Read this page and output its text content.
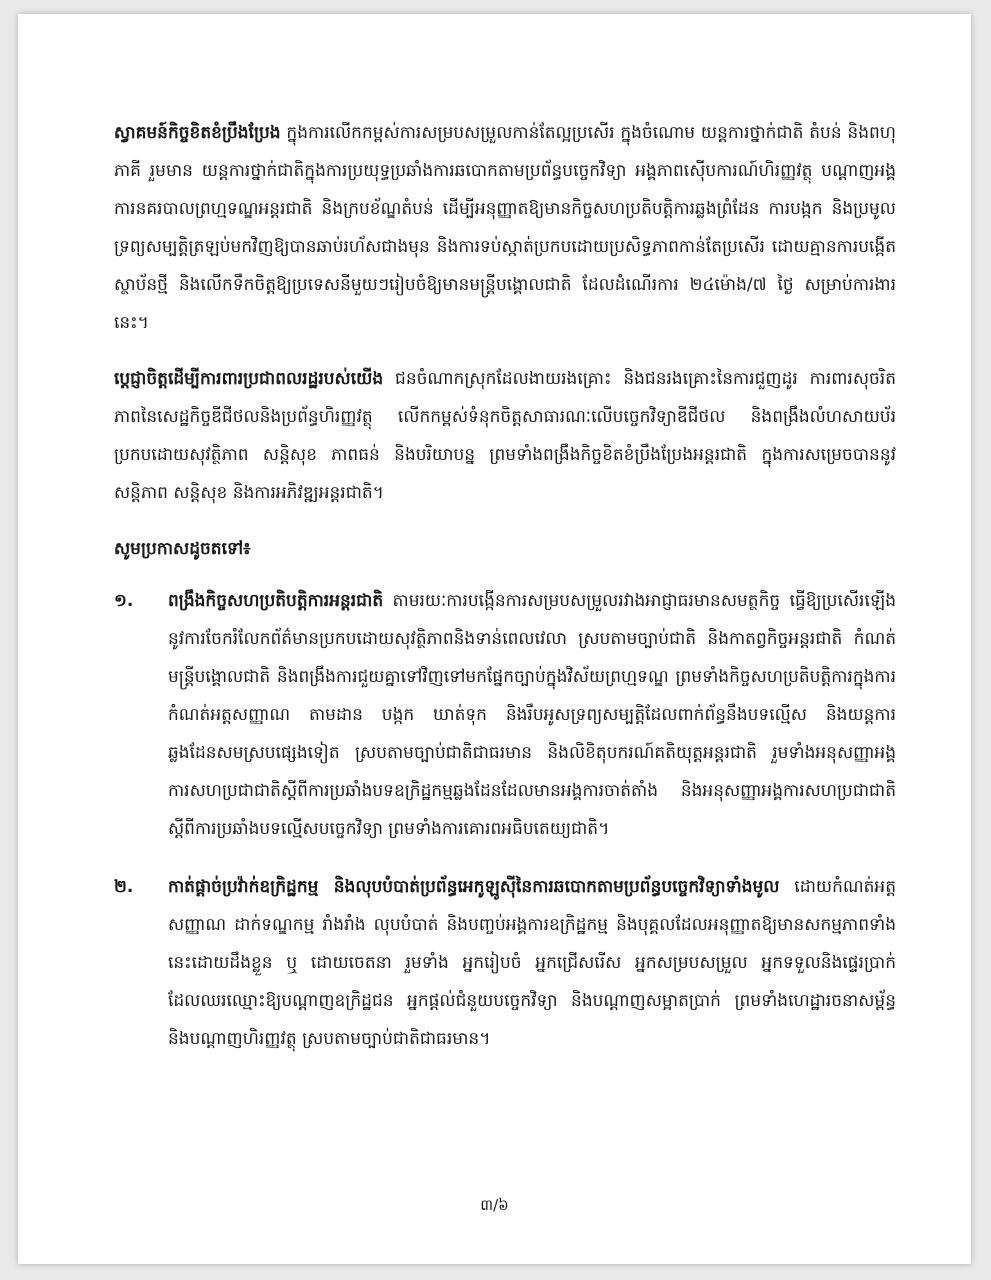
ស្វាគមន៍កិច្ចខិតខំប្រឹងប្រែង ក្នុងការលើកកម្ពស់ការសម្របសម្រួលកាន់តែល្អប្រសើរ ក្នុងចំណោម យន្តការថ្នាក់ជាតិ តំបន់ និងពហុភាគី រួមមាន យន្តការថ្នាក់ជាតិក្នុងការប្រយុទ្ធប្រឆាំងការឆបោកតាមប្រព័ន្ធបច្ចេកវិទ្យា អង្គភាពស៊ើបការណ៍ហិរញ្ញវត្ថុ បណ្តាញអង្គការនគរបាលព្រហ្មទណ្ឌអន្តរជាតិ និងក្របខ័ណ្ឌតំបន់ ដើម្បីអនុញ្ញាតឱ្យមានកិច្ចសហប្រតិបត្តិការឆ្លងព្រំដែន ការបង្កក និងប្រមូលទ្រព្យសម្បត្តិត្រឡប់មកវិញឱ្យបានឆាប់រហ័សជាងមុន និងការទប់ស្កាត់ប្រកបដោយប្រសិទ្ធភាពកាន់តែប្រសើរ ដោយគ្មានការបង្កើតស្ថាប័នថ្មី និងលើកទឹកចិត្តឱ្យប្រទេសនីមួយៗរៀបចំឱ្យមានមន្ត្រីបង្គោលជាតិ ដែលដំណើរការ ២៤ម៉ោង/៧ ថ្ងៃ សម្រាប់ការងារនេះ។

ប្តេជ្ញាចិត្តដើម្បីការពារប្រជាពលរដ្ឋរបស់យើង ជនចំណាកស្រុកដែលងាយរងគ្រោះ និងជនរងគ្រោះនៃការជួញដូរ ការពារសុចរិតភាពនៃសេដ្ឋកិច្ចឌីជីថលនិងប្រព័ន្ធហិរញ្ញវត្ថុ លើកកម្ពស់ទំនុកចិត្តសាធារណៈលើបច្ចេកវិទ្យាឌីជីថល និងពង្រឹងលំហសាយប័រប្រកបដោយសុវត្ថិភាព សន្តិសុខ ភាពធន់ និងបរិយាបន្ន ព្រមទាំងពង្រឹងកិច្ចខិតខំប្រឹងប្រែងអន្តរជាតិ ក្នុងការសម្រេចបាននូវសន្តិភាព សន្តិសុខ និងការអភិវឌ្ឍអន្តរជាតិ។

សូមប្រកាសដូចតទៅ៖
១.	ពង្រឹងកិច្ចសហប្រតិបត្តិការអន្តរជាតិ តាមរយៈការបង្កើនការសម្របសម្រួលរវាងអាជ្ញាធរមានសមត្ថកិច្ច ធ្វើឱ្យប្រសើរឡើងនូវការចែករំលែកព័ត៌មានប្រកបដោយសុវត្ថិភាពនិងទាន់ពេលវេលា ស្របតាមច្បាប់ជាតិ និងកាតព្វកិច្ចអន្តរជាតិ កំណត់មន្ត្រីបង្គោលជាតិ និងពង្រឹងការជួយគ្នាទៅវិញទៅមកផ្នែកច្បាប់ក្នុងវិស័យព្រហ្មទណ្ឌ ព្រមទាំងកិច្ចសហប្រតិបត្តិការក្នុងការកំណត់អត្តសញ្ញាណ តាមដាន បង្កក ឃាត់ទុក និងរឹបអូសទ្រព្យសម្បត្តិដែលពាក់ព័ន្ធនឹងបទល្មើស និងយន្តការឆ្លងដែនសមស្របផ្សេងទៀត ស្របតាមច្បាប់ជាតិជាធរមាន និងលិខិតុបករណ៍គតិយុត្តអន្តរជាតិ រួមទាំងអនុសញ្ញាអង្គការសហប្រជាជាតិស្តីពីការប្រឆាំងបទឧក្រិដ្ឋកម្មឆ្លងដែនដែលមានអង្គការចាត់តាំង និងអនុសញ្ញាអង្គការសហប្រជាជាតិស្តីពីការប្រឆាំងបទល្មើសបច្ចេកវិទ្យា ព្រមទាំងការគោរពអធិបតេយ្យជាតិ។
២.	កាត់ផ្តាច់ប្រវ៉ាក់ឧក្រិដ្ឋកម្ម និងលុបបំបាត់ប្រព័ន្ធអេកូឡូស៊ីនៃការឆបោកតាមប្រព័ន្ធបច្ចេកវិទ្យាទាំងមូល ដោយកំណត់អត្តសញ្ញាណ ដាក់ទណ្ឌកម្ម រាំងរាំង លុបបំបាត់ និងបញ្ចប់អង្គការឧក្រិដ្ឋកម្ម និងបុគ្គលដែលអនុញ្ញាតឱ្យមានសកម្មភាពទាំងនេះដោយដឹងខ្លួន ឬ ដោយចេតនា រួមទាំង អ្នករៀបចំ អ្នកជ្រើសរើស អ្នកសម្របសម្រួល អ្នកទទួលនិងផ្ទេរប្រាក់ដែលឈរឈ្មោះឱ្យបណ្តាញឧក្រិដ្ឋជន អ្នកផ្តល់ជំនួយបច្ចេកវិទ្យា និងបណ្តាញសម្អាតប្រាក់ ព្រមទាំងហេដ្ឋារចនាសម្ព័ន្ធ និងបណ្តាញហិរញ្ញវត្ថុ ស្របតាមច្បាប់ជាតិជាធរមាន។
៣/៦
